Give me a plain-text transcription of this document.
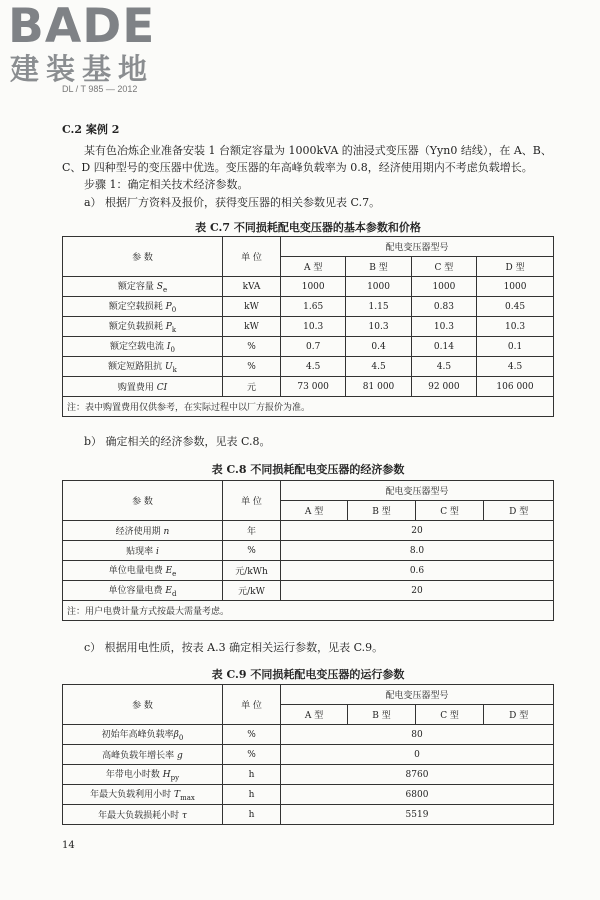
BADE
建装基地
DL / T 985 — 2012
C.2 案例 2
某有色冶炼企业准备安装 1 台额定容量为 1000kVA 的油浸式变压器（Yyn0 结线），在 A、B、C、D 四种型号的变压器中优选。变压器的年高峰负载率为 0.8，经济使用期内不考虑负载增长。
步骤 1：确定相关技术经济参数。
a） 根据厂方资料及报价，获得变压器的相关参数见表 C.7。
表 C.7 不同损耗配电变压器的基本参数和价格
参 数	单 位	配电变压器型号			
		A 型	B 型	C 型	D 型
额定容量 $S_e$	kVA	1000	1000	1000	1000
额定空载损耗 $P_0$	kW	1.65	1.15	0.83	0.45
额定负载损耗 $P_k$	kW	10.3	10.3	10.3	10.3
额定空载电流 $I_0$	%	0.7	0.4	0.14	0.1
额定短路阻抗 $U_k$	%	4.5	4.5	4.5	4.5
购置费用 CI	元	73 000	81 000	92 000	106 000
注：表中购置费用仅供参考，在实际过程中以厂方报价为准。					
b） 确定相关的经济参数，见表 C.8。
表 C.8 不同损耗配电变压器的经济参数
参 数	单 位	配电变压器型号			
		A 型	B 型	C 型	D 型
经济使用期 n	年	20			
贴现率 i	%	8.0			
单位电量电费 $E_e$	元/kWh	0.6			
单位容量电费 $E_d$	元/kW	20			
注：用户电费计量方式按最大需量考虑。					
c） 根据用电性质，按表 A.3 确定相关运行参数，见表 C.9。
表 C.9 不同损耗配电变压器的运行参数
参 数	单 位	配电变压器型号			
		A 型	B 型	C 型	D 型
初始年高峰负载率$\beta_0$	%	80			
高峰负载年增长率 g	%	0			
年带电小时数 $H_{py}$	h	8760			
年最大负载利用小时 $T_{max}$	h	6800			
年最大负载损耗小时 τ	h	5519			
14
